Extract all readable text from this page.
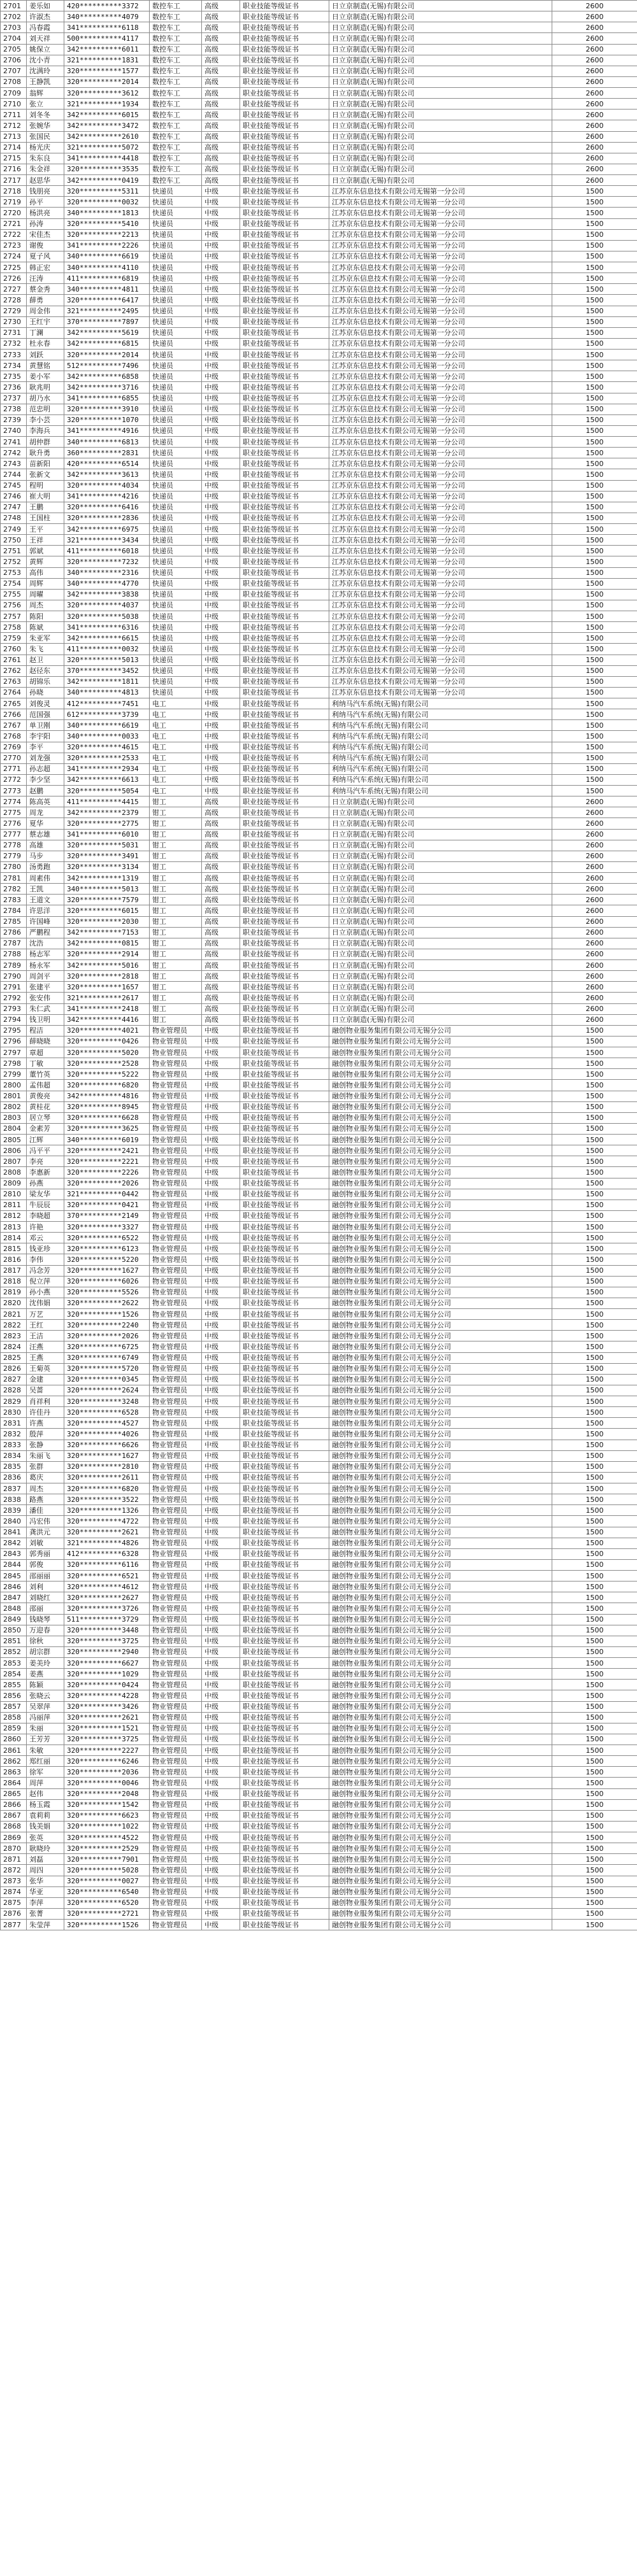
2701	姜乐如	420**********3372	数控车工	高级	职业技能等级证书	日立京制造(无锡)有限公司	2600
2702	许淑杰	340**********4079	数控车工	高级	职业技能等级证书	日立京制造(无锡)有限公司	2600
2703	冯春霞	341**********6118	数控车工	高级	职业技能等级证书	日立京制造(无锡)有限公司	2600
2704	刘天祥	500**********4117	数控车工	高级	职业技能等级证书	日立京制造(无锡)有限公司	2600
2705	姚保立	342**********6011	数控车工	高级	职业技能等级证书	日立京制造(无锡)有限公司	2600
2706	沈小青	321**********1831	数控车工	高级	职业技能等级证书	日立京制造(无锡)有限公司	2600
2707	沈满玲	320**********1577	数控车工	高级	职业技能等级证书	日立京制造(无锡)有限公司	2600
2708	王静凯	320**********2014	数控车工	高级	职业技能等级证书	日立京制造(无锡)有限公司	2600
2709	翁辉	320**********3612	数控车工	高级	职业技能等级证书	日立京制造(无锡)有限公司	2600
2710	张立	321**********1934	数控车工	高级	职业技能等级证书	日立京制造(无锡)有限公司	2600
2711	刘冬冬	342**********6015	数控车工	高级	职业技能等级证书	日立京制造(无锡)有限公司	2600
2712	张婉华	342**********3472	数控车工	高级	职业技能等级证书	日立京制造(无锡)有限公司	2600
2713	张国民	342**********2610	数控车工	高级	职业技能等级证书	日立京制造(无锡)有限公司	2600
2714	杨光庆	321**********5072	数控车工	高级	职业技能等级证书	日立京制造(无锡)有限公司	2600
2715	朱东良	341**********4418	数控车工	高级	职业技能等级证书	日立京制造(无锡)有限公司	2600
2716	朱金祥	320**********3535	数控车工	高级	职业技能等级证书	日立京制造(无锡)有限公司	2600
2717	赵思华	342**********0419	数控车工	高级	职业技能等级证书	日立京制造(无锡)有限公司	2600
2718	钱朋亮	320**********5311	快递员	中级	职业技能等级证书	江苏京东信息技术有限公司无锡第一分公司	1500
2719	孙平	320**********0032	快递员	中级	职业技能等级证书	江苏京东信息技术有限公司无锡第一分公司	1500
2720	杨洪亮	340**********1813	快递员	中级	职业技能等级证书	江苏京东信息技术有限公司无锡第一分公司	1500
2721	孙涛	320**********5410	快递员	中级	职业技能等级证书	江苏京东信息技术有限公司无锡第一分公司	1500
2722	宋佳杰	320**********2213	快递员	中级	职业技能等级证书	江苏京东信息技术有限公司无锡第一分公司	1500
2723	谢俊	341**********2226	快递员	中级	职业技能等级证书	江苏京东信息技术有限公司无锡第一分公司	1500
2724	夏子风	340**********6619	快递员	中级	职业技能等级证书	江苏京东信息技术有限公司无锡第一分公司	1500
2725	韩正宏	340**********4110	快递员	中级	职业技能等级证书	江苏京东信息技术有限公司无锡第一分公司	1500
2726	汪涛	411**********6819	快递员	中级	职业技能等级证书	江苏京东信息技术有限公司无锡第一分公司	1500
2727	蔡金秀	340**********4811	快递员	中级	职业技能等级证书	江苏京东信息技术有限公司无锡第一分公司	1500
2728	薛勇	320**********6417	快递员	中级	职业技能等级证书	江苏京东信息技术有限公司无锡第一分公司	1500
2729	周金伟	321**********2495	快递员	中级	职业技能等级证书	江苏京东信息技术有限公司无锡第一分公司	1500
2730	王红宇	370**********7897	快递员	中级	职业技能等级证书	江苏京东信息技术有限公司无锡第一分公司	1500
2731	丁澜	342**********5619	快递员	中级	职业技能等级证书	江苏京东信息技术有限公司无锡第一分公司	1500
2732	杜永春	342**********6815	快递员	中级	职业技能等级证书	江苏京东信息技术有限公司无锡第一分公司	1500
2733	刘跃	320**********2014	快递员	中级	职业技能等级证书	江苏京东信息技术有限公司无锡第一分公司	1500
2734	黄慧铭	512**********7496	快递员	中级	职业技能等级证书	江苏京东信息技术有限公司无锡第一分公司	1500
2735	姜小军	342**********6858	快递员	中级	职业技能等级证书	江苏京东信息技术有限公司无锡第一分公司	1500
2736	耿兆明	342**********3716	快递员	中级	职业技能等级证书	江苏京东信息技术有限公司无锡第一分公司	1500
2737	胡乃水	341**********6855	快递员	中级	职业技能等级证书	江苏京东信息技术有限公司无锡第一分公司	1500
2738	范忠明	320**********3910	快递员	中级	职业技能等级证书	江苏京东信息技术有限公司无锡第一分公司	1500
2739	李小芸	320**********1070	快递员	中级	职业技能等级证书	江苏京东信息技术有限公司无锡第一分公司	1500
2740	李海兵	341**********4916	快递员	中级	职业技能等级证书	江苏京东信息技术有限公司无锡第一分公司	1500
2741	胡仲群	340**********6813	快递员	中级	职业技能等级证书	江苏京东信息技术有限公司无锡第一分公司	1500
2742	耿升勇	360**********2831	快递员	中级	职业技能等级证书	江苏京东信息技术有限公司无锡第一分公司	1500
2743	苗新阳	420**********6514	快递员	中级	职业技能等级证书	江苏京东信息技术有限公司无锡第一分公司	1500
2744	张新文	342**********3613	快递员	中级	职业技能等级证书	江苏京东信息技术有限公司无锡第一分公司	1500
2745	程明	320**********4034	快递员	中级	职业技能等级证书	江苏京东信息技术有限公司无锡第一分公司	1500
2746	崔大明	341**********4216	快递员	中级	职业技能等级证书	江苏京东信息技术有限公司无锡第一分公司	1500
2747	王鹏	320**********6416	快递员	中级	职业技能等级证书	江苏京东信息技术有限公司无锡第一分公司	1500
2748	王国柱	320**********2836	快递员	中级	职业技能等级证书	江苏京东信息技术有限公司无锡第一分公司	1500
2749	王平	342**********6975	快递员	中级	职业技能等级证书	江苏京东信息技术有限公司无锡第一分公司	1500
2750	王祥	321**********3434	快递员	中级	职业技能等级证书	江苏京东信息技术有限公司无锡第一分公司	1500
2751	郭斌	411**********6018	快递员	中级	职业技能等级证书	江苏京东信息技术有限公司无锡第一分公司	1500
2752	黄辉	320**********7232	快递员	中级	职业技能等级证书	江苏京东信息技术有限公司无锡第一分公司	1500
2753	高伟	340**********2316	快递员	中级	职业技能等级证书	江苏京东信息技术有限公司无锡第一分公司	1500
2754	周辉	340**********4770	快递员	中级	职业技能等级证书	江苏京东信息技术有限公司无锡第一分公司	1500
2755	周曜	342**********3838	快递员	中级	职业技能等级证书	江苏京东信息技术有限公司无锡第一分公司	1500
2756	周杰	320**********4037	快递员	中级	职业技能等级证书	江苏京东信息技术有限公司无锡第一分公司	1500
2757	陈阳	320**********5038	快递员	中级	职业技能等级证书	江苏京东信息技术有限公司无锡第一分公司	1500
2758	陈斌	341**********6316	快递员	中级	职业技能等级证书	江苏京东信息技术有限公司无锡第一分公司	1500
2759	朱亚军	342**********6615	快递员	中级	职业技能等级证书	江苏京东信息技术有限公司无锡第一分公司	1500
2760	朱飞	411**********0032	快递员	中级	职业技能等级证书	江苏京东信息技术有限公司无锡第一分公司	1500
2761	赵卫	320**********5013	快递员	中级	职业技能等级证书	江苏京东信息技术有限公司无锡第一分公司	1500
2762	赵径东	370**********3452	快递员	中级	职业技能等级证书	江苏京东信息技术有限公司无锡第一分公司	1500
2763	胡锦乐	342**********1811	快递员	中级	职业技能等级证书	江苏京东信息技术有限公司无锡第一分公司	1500
2764	孙晓	340**********4813	快递员	中级	职业技能等级证书	江苏京东信息技术有限公司无锡第一分公司	1500
2765	刘俊灵	412**********7451	电工	中级	职业技能等级证书	利纳马汽车系统(无锡)有限公司	1500
2766	范国强	612**********3739	电工	中级	职业技能等级证书	利纳马汽车系统(无锡)有限公司	1500
2767	单卫刚	340**********6619	电工	中级	职业技能等级证书	利纳马汽车系统(无锡)有限公司	1500
2768	李宇阳	340**********0033	电工	中级	职业技能等级证书	利纳马汽车系统(无锡)有限公司	1500
2769	李平	320**********4615	电工	中级	职业技能等级证书	利纳马汽车系统(无锡)有限公司	1500
2770	刘龙强	320**********2533	电工	中级	职业技能等级证书	利纳马汽车系统(无锡)有限公司	1500
2771	孙志超	341**********2934	电工	中级	职业技能等级证书	利纳马汽车系统(无锡)有限公司	1500
2772	李少坚	342**********6613	电工	中级	职业技能等级证书	利纳马汽车系统(无锡)有限公司	1500
2773	赵鹏	320**********5054	电工	中级	职业技能等级证书	利纳马汽车系统(无锡)有限公司	1500
2774	陈高英	411**********4415	钳工	高级	职业技能等级证书	日立京制造(无锡)有限公司	2600
2775	周龙	342**********2379	钳工	高级	职业技能等级证书	日立京制造(无锡)有限公司	2600
2776	夏华	320**********2775	钳工	高级	职业技能等级证书	日立京制造(无锡)有限公司	2600
2777	蔡志雄	341**********6010	钳工	高级	职业技能等级证书	日立京制造(无锡)有限公司	2600
2778	高雄	320**********5031	钳工	高级	职业技能等级证书	日立京制造(无锡)有限公司	2600
2779	马步	320**********3491	钳工	高级	职业技能等级证书	日立京制造(无锡)有限公司	2600
2780	汤勇跑	320**********3134	钳工	高级	职业技能等级证书	日立京制造(无锡)有限公司	2600
2781	周素伟	342**********1319	钳工	高级	职业技能等级证书	日立京制造(无锡)有限公司	2600
2782	王凯	340**********5013	钳工	高级	职业技能等级证书	日立京制造(无锡)有限公司	2600
2783	王道文	320**********7579	钳工	高级	职业技能等级证书	日立京制造(无锡)有限公司	2600
2784	许思洋	320**********6015	钳工	高级	职业技能等级证书	日立京制造(无锡)有限公司	2600
2785	许国峰	320**********2030	钳工	高级	职业技能等级证书	日立京制造(无锡)有限公司	2600
2786	严鹏程	342**********7153	钳工	高级	职业技能等级证书	日立京制造(无锡)有限公司	2600
2787	沈浩	342**********0815	钳工	高级	职业技能等级证书	日立京制造(无锡)有限公司	2600
2788	杨志军	320**********2914	钳工	高级	职业技能等级证书	日立京制造(无锡)有限公司	2600
2789	杨永军	342**********5016	钳工	高级	职业技能等级证书	日立京制造(无锡)有限公司	2600
2790	周剑平	320**********2818	钳工	高级	职业技能等级证书	日立京制造(无锡)有限公司	2600
2791	张建平	320**********1657	钳工	高级	职业技能等级证书	日立京制造(无锡)有限公司	2600
2792	张安伟	321**********2617	钳工	高级	职业技能等级证书	日立京制造(无锡)有限公司	2600
2793	朱仁武	341**********2418	钳工	高级	职业技能等级证书	日立京制造(无锡)有限公司	2600
2794	钱卫明	342**********4416	钳工	高级	职业技能等级证书	日立京制造(无锡)有限公司	2600
2795	程洁	320**********4021	物业管理员	中级	职业技能等级证书	融创物业服务集团有限公司无锡分公司	1500
2796	薛晓晓	320**********0426	物业管理员	中级	职业技能等级证书	融创物业服务集团有限公司无锡分公司	1500
2797	章超	320**********5020	物业管理员	中级	职业技能等级证书	融创物业服务集团有限公司无锡分公司	1500
2798	丁敏	320**********2528	物业管理员	中级	职业技能等级证书	融创物业服务集团有限公司无锡分公司	1500
2799	董竹英	320**********5222	物业管理员	中级	职业技能等级证书	融创物业服务集团有限公司无锡分公司	1500
2800	孟伟超	320**********6820	物业管理员	中级	职业技能等级证书	融创物业服务集团有限公司无锡分公司	1500
2801	黄俊亮	342**********4816	物业管理员	中级	职业技能等级证书	融创物业服务集团有限公司无锡分公司	1500
2802	黄桂花	320**********8945	物业管理员	中级	职业技能等级证书	融创物业服务集团有限公司无锡分公司	1500
2803	居立琴	320**********6628	物业管理员	中级	职业技能等级证书	融创物业服务集团有限公司无锡分公司	1500
2804	金素芳	320**********3625	物业管理员	中级	职业技能等级证书	融创物业服务集团有限公司无锡分公司	1500
2805	江辉	340**********6019	物业管理员	中级	职业技能等级证书	融创物业服务集团有限公司无锡分公司	1500
2806	冯平平	320**********2421	物业管理员	中级	职业技能等级证书	融创物业服务集团有限公司无锡分公司	1500
2807	李亮	320**********2221	物业管理员	中级	职业技能等级证书	融创物业服务集团有限公司无锡分公司	1500
2808	李惠新	320**********2226	物业管理员	中级	职业技能等级证书	融创物业服务集团有限公司无锡分公司	1500
2809	孙燕	320**********2026	物业管理员	中级	职业技能等级证书	融创物业服务集团有限公司无锡分公司	1500
2810	梁友华	321**********0442	物业管理员	中级	职业技能等级证书	融创物业服务集团有限公司无锡分公司	1500
2811	牛辰辰	320**********0421	物业管理员	中级	职业技能等级证书	融创物业服务集团有限公司无锡分公司	1500
2812	李晓超	370**********2149	物业管理员	中级	职业技能等级证书	融创物业服务集团有限公司无锡分公司	1500
2813	许艳	320**********3327	物业管理员	中级	职业技能等级证书	融创物业服务集团有限公司无锡分公司	1500
2814	邓云	320**********6522	物业管理员	中级	职业技能等级证书	融创物业服务集团有限公司无锡分公司	1500
2815	钱亚珍	320**********6123	物业管理员	中级	职业技能等级证书	融创物业服务集团有限公司无锡分公司	1500
2816	李伟	320**********5220	物业管理员	中级	职业技能等级证书	融创物业服务集团有限公司无锡分公司	1500
2817	冯念芳	320**********1627	物业管理员	中级	职业技能等级证书	融创物业服务集团有限公司无锡分公司	1500
2818	倪立萍	320**********6026	物业管理员	中级	职业技能等级证书	融创物业服务集团有限公司无锡分公司	1500
2819	孙小燕	320**********5526	物业管理员	中级	职业技能等级证书	融创物业服务集团有限公司无锡分公司	1500
2820	沈伟娟	320**********2622	物业管理员	中级	职业技能等级证书	融创物业服务集团有限公司无锡分公司	1500
2821	万艺	320**********1526	物业管理员	中级	职业技能等级证书	融创物业服务集团有限公司无锡分公司	1500
2822	王红	320**********2240	物业管理员	中级	职业技能等级证书	融创物业服务集团有限公司无锡分公司	1500
2823	王洁	320**********2026	物业管理员	中级	职业技能等级证书	融创物业服务集团有限公司无锡分公司	1500
2824	汪燕	320**********6725	物业管理员	中级	职业技能等级证书	融创物业服务集团有限公司无锡分公司	1500
2825	王燕	320**********6749	物业管理员	中级	职业技能等级证书	融创物业服务集团有限公司无锡分公司	1500
2826	王菊英	320**********5720	物业管理员	中级	职业技能等级证书	融创物业服务集团有限公司无锡分公司	1500
2827	金建	320**********0345	物业管理员	中级	职业技能等级证书	融创物业服务集团有限公司无锡分公司	1500
2828	吴蔷	320**********2624	物业管理员	中级	职业技能等级证书	融创物业服务集团有限公司无锡分公司	1500
2829	肖祥利	320**********3248	物业管理员	中级	职业技能等级证书	融创物业服务集团有限公司无锡分公司	1500
2830	许佳丹	320**********6528	物业管理员	中级	职业技能等级证书	融创物业服务集团有限公司无锡分公司	1500
2831	许燕	320**********4527	物业管理员	中级	职业技能等级证书	融创物业服务集团有限公司无锡分公司	1500
2832	殷萍	320**********4026	物业管理员	中级	职业技能等级证书	融创物业服务集团有限公司无锡分公司	1500
2833	张静	320**********6626	物业管理员	中级	职业技能等级证书	融创物业服务集团有限公司无锡分公司	1500
2834	朱丽飞	320**********1627	物业管理员	中级	职业技能等级证书	融创物业服务集团有限公司无锡分公司	1500
2835	张群	320**********2810	物业管理员	中级	职业技能等级证书	融创物业服务集团有限公司无锡分公司	1500
2836	葛庆	320**********2611	物业管理员	中级	职业技能等级证书	融创物业服务集团有限公司无锡分公司	1500
2837	周杰	320**********6820	物业管理员	中级	职业技能等级证书	融创物业服务集团有限公司无锡分公司	1500
2838	路燕	320**********3522	物业管理员	中级	职业技能等级证书	融创物业服务集团有限公司无锡分公司	1500
2839	潘佳	320**********1326	物业管理员	中级	职业技能等级证书	融创物业服务集团有限公司无锡分公司	1500
2840	冯宏伟	320**********4722	物业管理员	中级	职业技能等级证书	融创物业服务集团有限公司无锡分公司	1500
2841	龚洪元	320**********2621	物业管理员	中级	职业技能等级证书	融创物业服务集团有限公司无锡分公司	1500
2842	刘敏	321**********4826	物业管理员	中级	职业技能等级证书	融创物业服务集团有限公司无锡分公司	1500
2843	郭秀丽	412**********6328	物业管理员	中级	职业技能等级证书	融创物业服务集团有限公司无锡分公司	1500
2844	郭俊	320**********6116	物业管理员	中级	职业技能等级证书	融创物业服务集团有限公司无锡分公司	1500
2845	邵丽丽	320**********6521	物业管理员	中级	职业技能等级证书	融创物业服务集团有限公司无锡分公司	1500
2846	刘利	320**********4612	物业管理员	中级	职业技能等级证书	融创物业服务集团有限公司无锡分公司	1500
2847	刘晓红	320**********2627	物业管理员	中级	职业技能等级证书	融创物业服务集团有限公司无锡分公司	1500
2848	邵丽	320**********3726	物业管理员	中级	职业技能等级证书	融创物业服务集团有限公司无锡分公司	1500
2849	钱晓琴	511**********3729	物业管理员	中级	职业技能等级证书	融创物业服务集团有限公司无锡分公司	1500
2850	万迎春	320**********3448	物业管理员	中级	职业技能等级证书	融创物业服务集团有限公司无锡分公司	1500
2851	徐秋	320**********3725	物业管理员	中级	职业技能等级证书	融创物业服务集团有限公司无锡分公司	1500
2852	胡宗群	320**********2940	物业管理员	中级	职业技能等级证书	融创物业服务集团有限公司无锡分公司	1500
2853	姜美玲	320**********6627	物业管理员	中级	职业技能等级证书	融创物业服务集团有限公司无锡分公司	1500
2854	姜燕	320**********1029	物业管理员	中级	职业技能等级证书	融创物业服务集团有限公司无锡分公司	1500
2855	陈颖	320**********0424	物业管理员	中级	职业技能等级证书	融创物业服务集团有限公司无锡分公司	1500
2856	张晓云	320**********4228	物业管理员	中级	职业技能等级证书	融创物业服务集团有限公司无锡分公司	1500
2857	吴翠萍	320**********3426	物业管理员	中级	职业技能等级证书	融创物业服务集团有限公司无锡分公司	1500
2858	冯丽萍	320**********2621	物业管理员	中级	职业技能等级证书	融创物业服务集团有限公司无锡分公司	1500
2859	朱丽	320**********1521	物业管理员	中级	职业技能等级证书	融创物业服务集团有限公司无锡分公司	1500
2860	王芳芳	320**********3725	物业管理员	中级	职业技能等级证书	融创物业服务集团有限公司无锡分公司	1500
2861	朱敏	320**********2227	物业管理员	中级	职业技能等级证书	融创物业服务集团有限公司无锡分公司	1500
2862	郑红丽	320**********6246	物业管理员	中级	职业技能等级证书	融创物业服务集团有限公司无锡分公司	1500
2863	徐军	320**********2036	物业管理员	中级	职业技能等级证书	融创物业服务集团有限公司无锡分公司	1500
2864	周萍	320**********0046	物业管理员	中级	职业技能等级证书	融创物业服务集团有限公司无锡分公司	1500
2865	赵伟	320**********2048	物业管理员	中级	职业技能等级证书	融创物业服务集团有限公司无锡分公司	1500
2866	杨玉霞	320**********1542	物业管理员	中级	职业技能等级证书	融创物业服务集团有限公司无锡分公司	1500
2867	袁莉莉	320**********6623	物业管理员	中级	职业技能等级证书	融创物业服务集团有限公司无锡分公司	1500
2868	钱美娟	320**********1022	物业管理员	中级	职业技能等级证书	融创物业服务集团有限公司无锡分公司	1500
2869	张英	320**********4522	物业管理员	中级	职业技能等级证书	融创物业服务集团有限公司无锡分公司	1500
2870	耿晓玲	320**********2529	物业管理员	中级	职业技能等级证书	融创物业服务集团有限公司无锡分公司	1500
2871	刘磊	320**********7901	物业管理员	中级	职业技能等级证书	融创物业服务集团有限公司无锡分公司	1500
2872	周四	320**********5028	物业管理员	中级	职业技能等级证书	融创物业服务集团有限公司无锡分公司	1500
2873	张华	320**********0027	物业管理员	中级	职业技能等级证书	融创物业服务集团有限公司无锡分公司	1500
2874	华亚	320**********6540	物业管理员	中级	职业技能等级证书	融创物业服务集团有限公司无锡分公司	1500
2875	李萍	320**********6520	物业管理员	中级	职业技能等级证书	融创物业服务集团有限公司无锡分公司	1500
2876	张菁	320**********2721	物业管理员	中级	职业技能等级证书	融创物业服务集团有限公司无锡分公司	1500
2877	朱莹萍	320**********1526	物业管理员	中级	职业技能等级证书	融创物业服务集团有限公司无锡分公司	1500
